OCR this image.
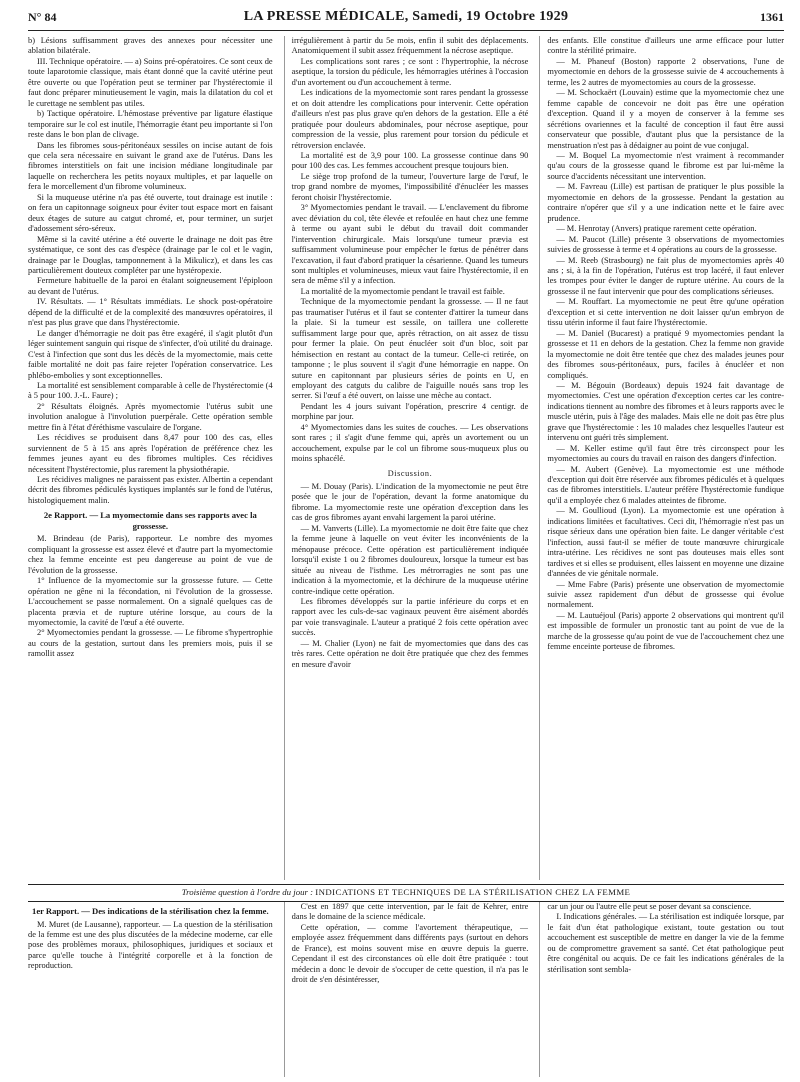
N° 84	LA PRESSE MÉDICALE, Samedi, 19 Octobre 1929	1361

b) Lésions suffisamment graves des annexes pour nécessiter une ablation bilatérale.

III. Technique opératoire. — a) Soins pré-opératoires. Ce sont ceux de toute laparotomie classique, mais étant donné que la cavité utérine peut être ouverte ou que l'opération peut se terminer par l'hystérectomie il faut donc préparer minutieusement le vagin, mais la dilatation du col et le curettage ne semblent pas utiles.

b) Tactique opératoire. L'hémostase préventive par ligature élastique temporaire sur le col est inutile, l'hémorragie étant peu importante si l'on reste dans le bon plan de clivage.

Dans les fibromes sous-péritonéaux sessiles on incise autant de fois que cela sera nécessaire en suivant le grand axe de l'utérus. Dans les fibromes interstitiels on fait une incision médiane longitudinale par laquelle on recherchera les petits noyaux multiples, et par laquelle on fera le morcellement d'un fibrome volumineux.

Si la muqueuse utérine n'a pas été ouverte, tout drainage est inutile : on fera un capitonnage soigneux pour éviter tout espace mort en faisant deux étages de suture au catgut chromé, et, pour terminer, un surjet d'adossement séro-séreux.

Même si la cavité utérine a été ouverte le drainage ne doit pas être systématique, ce sont des cas d'espèce (drainage par le col et le vagin, drainage par le Douglas, tamponnement à la Mikulicz), et dans les cas particulièrement douteux compléter par une hystéropexie.

Fermeture habituelle de la paroi en étalant soigneusement l'épiploon au devant de l'utérus.

IV. Résultats. — 1° Résultats immédiats. Le shock post-opératoire dépend de la difficulté et de la complexité des manœuvres opératoires, il n'est pas plus grave que dans l'hystérectomie.

Le danger d'hémorragie ne doit pas être exagéré, il s'agit plutôt d'un léger suintement sanguin qui risque de s'infecter, d'où utilité du drainage. C'est à l'infection que sont dus les décès de la myomectomie, mais cette faible mortalité ne doit pas faire rejeter l'opération conservatrice. Les phlébo-embolies y sont exceptionnelles.

La mortalité est sensiblement comparable à celle de l'hystérectomie (4 à 5 pour 100. J.-L. Faure) ;

2° Résultats éloignés. Après myomectomie l'utérus subit une involution analogue à l'involution puerpérale. Cette opération semble mettre fin à l'état d'éréthisme vasculaire de l'organe.

Les récidives se produisent dans 8,47 pour 100 des cas, elles surviennent de 5 à 15 ans après l'opération de préférence chez les femmes jeunes ayant eu des fibromes multiples. Ces récidives nécessitent l'hystérectomie, plus rarement la physiothérapie.

Les récidives malignes ne paraissent pas exister. Albertin a cependant décrit des fibromes pédiculés kystiques implantés sur le fond de l'utérus, histologiquement malin.

2e Rapport. — La myomectomie dans ses rapports avec la grossesse.

M. Brindeau (de Paris), rapporteur. Le nombre des myomes compliquant la grossesse est assez élevé et d'autre part la myomectomie chez la femme enceinte est peu dangereuse au point de vue de l'évolution de la grossesse.

1° Influence de la myomectomie sur la grossesse future. — Cette opération ne gêne ni la fécondation, ni l'évolution de la grossesse. L'accouchement se passe normalement. On a signalé quelques cas de placenta prævia et de rupture utérine lorsque, au cours de la myomectomie, la cavité de l'œuf a été ouverte.

2° Myomectomies pendant la grossesse. — Le fibrome s'hypertrophie au cours de la gestation, surtout dans les premiers mois, puis il se ramollit assez

irrégulièrement à partir du 5e mois, enfin il subit des déplacements. Anatomiquement il subit assez fréquemment la nécrose aseptique.

Les complications sont rares ; ce sont : l'hypertrophie, la nécrose aseptique, la torsion du pédicule, les hémorragies utérines à l'occasion d'un avortement ou d'un accouchement à terme.

Les indications de la myomectomie sont rares pendant la grossesse et on doit attendre les complications pour intervenir. Cette opération d'ailleurs n'est pas plus grave qu'en dehors de la gestation. Elle a été pratiquée pour douleurs abdominales, pour nécrose aseptique, pour compression de la vessie, plus rarement pour torsion du pédicule et rétroversion enclavée.

La mortalité est de 3,9 pour 100. La grossesse continue dans 90 pour 100 des cas. Les femmes accouchent presque toujours bien.

Le siège trop profond de la tumeur, l'ouverture large de l'œuf, le trop grand nombre de myomes, l'impossibilité d'énucléer les masses feront choisir l'hystérectomie.

3° Myomectomies pendant le travail. — L'enclavement du fibrome avec déviation du col, tête élevée et refoulée en haut chez une femme à terme ou ayant subi le début du travail doit commander l'intervention chirurgicale. Mais lorsqu'une tumeur prævia est suffisamment volumineuse pour empêcher le fœtus de pénétrer dans l'excavation, il faut d'abord pratiquer la césarienne. Quand les tumeurs sont multiples et volumineuses, mieux vaut faire l'hystérectomie, il en sera de même s'il y a infection.

La mortalité de la myomectomie pendant le travail est faible.

Technique de la myomectomie pendant la grossesse. — Il ne faut pas traumatiser l'utérus et il faut se contenter d'attirer la tumeur dans la plaie. Si la tumeur est sessile, on taillera une collerette suffisamment large pour que, après rétraction, on ait assez de tissu pour fermer la plaie. On peut énucléer soit d'un bloc, soit par hémisection en restant au contact de la tumeur. Celle-ci retirée, on tamponne ; le plus souvent il s'agit d'une hémorragie en nappe. On suture en capitonnant par plusieurs séries de points en U, en employant des catguts du calibre de l'aiguille noués sans trop les serrer. Si l'œuf a été ouvert, on laisse une mèche au contact.

Pendant les 4 jours suivant l'opération, prescrire 4 centigr. de morphine par jour.

4° Myomectomies dans les suites de couches. — Les observations sont rares ; il s'agit d'une femme qui, après un avortement ou un accouchement, expulse par le col un fibrome sous-muqueux plus ou moins sphacélé.

Discussion.

— M. Douay (Paris). L'indication de la myomectomie ne peut être posée que le jour de l'opération, devant la forme anatomique du fibrome. La myomectomie reste une opération d'exception dans les cas de gros fibromes ayant envahi largement la paroi utérine.

— M. Vanverts (Lille). La myomectomie ne doit être faite que chez la femme jeune à laquelle on veut éviter les inconvénients de la ménopause précoce. Cette opération est particulièrement indiquée lorsqu'il existe 1 ou 2 fibromes douloureux, lorsque la tumeur est bas située au niveau de l'isthme. Les métrorragies ne sont pas une indication à la myomectomie, et la déchirure de la muqueuse utérine contre-indique cette opération.

Les fibromes développés sur la partie inférieure du corps et en rapport avec les culs-de-sac vaginaux peuvent être aisément abordés par voie transvaginale. L'auteur a pratiqué 2 fois cette opération avec succès.

— M. Chalier (Lyon) ne fait de myomectomies que dans des cas très rares. Cette opération ne doit être pratiquée que chez des femmes en mesure d'avoir

des enfants. Elle constitue d'ailleurs une arme efficace pour lutter contre la stérilité primaire.

— M. Phaneuf (Boston) rapporte 2 observations, l'une de myomectomie en dehors de la grossesse suivie de 4 accouchements à terme, les 2 autres de myomectomies au cours de la grossesse.

— M. Schockaërt (Louvain) estime que la myomectomie chez une femme capable de concevoir ne doit pas être une opération d'exception. Quand il y a moyen de conserver à la femme ses sécrétions ovariennes et la faculté de conception il faut être aussi conservateur que possible, d'autant plus que la persistance de la menstruation n'est pas à dédaigner au point de vue conjugal.

— M. Boquel La myomectomie n'est vraiment à recommander qu'au cours de la grossesse quand le fibrome est par lui-même la source d'accidents nécessitant une intervention.

— M. Favreau (Lille) est partisan de pratiquer le plus possible la myomectomie en dehors de la grossesse. Pendant la gestation au contraire n'opérer que s'il y a une indication nette et le faire avec prudence.

— M. Henrotay (Anvers) pratique rarement cette opération.

— M. Paucot (Lille) présente 3 observations de myomectomies suivies de grossesse à terme et 4 opérations au cours de la grossesse.

— M. Reeb (Strasbourg) ne fait plus de myomectomies après 40 ans ; si, à la fin de l'opération, l'utérus est trop lacéré, il faut enlever les trompes pour éviter le danger de rupture utérine. Au cours de la grossesse il ne faut intervenir que pour des complications sérieuses.

— M. Rouffart. La myomectomie ne peut être qu'une opération d'exception et si cette intervention ne doit laisser qu'un embryon de tissu utérin informe il faut faire l'hystérectomie.

— M. Daniel (Bucarest) a pratiqué 9 myomectomies pendant la grossesse et 11 en dehors de la gestation. Chez la femme non gravide la myomectomie ne doit être tentée que chez des malades jeunes pour des fibromes sous-péritonéaux, purs, faciles à énucléer et non compliqués.

— M. Bégouin (Bordeaux) depuis 1924 fait davantage de myomectomies. C'est une opération d'exception certes car les contre-indications tiennent au nombre des fibromes et à leurs rapports avec le muscle utérin, puis à l'âge des malades. Mais elle ne doit pas être plus grave que l'hystérectomie : les 10 malades chez lesquelles l'auteur est intervenu ont guéri très simplement.

— M. Keller estime qu'il faut être très circonspect pour les myomectomies au cours du travail en raison des dangers d'infection.

— M. Aubert (Genève). La myomectomie est une méthode d'exception qui doit être réservée aux fibromes pédiculés et à quelques cas de fibromes interstitiels. L'auteur préfère l'hystérectomie fundique qu'il a employée chez 6 malades atteintes de fibrome.

— M. Goullioud (Lyon). La myomectomie est une opération à indications limitées et facultatives. Ceci dit, l'hémorragie n'est pas un risque sérieux dans une opération bien faite. Le danger véritable c'est l'infection, aussi faut-il se méfier de toute manœuvre chirurgicale intra-utérine. Les récidives ne sont pas douteuses mais elles sont tardives et si elles se produisent, elles laissent en moyenne une dizaine d'années de vie génitale normale.

— Mme Fabre (Paris) présente une observation de myomectomie suivie assez rapidement d'un début de grossesse qui évolue normalement.

— M. Lautuéjoul (Paris) apporte 2 observations qui montrent qu'il est impossible de formuler un pronostic tant au point de vue de la marche de la grossesse qu'au point de vue de l'accouchement chez une femme enceinte porteuse de fibromes.

Troisième question à l'ordre du jour : INDICATIONS ET TECHNIQUES DE LA STÉRILISATION CHEZ LA FEMME
1er Rapport. — Des indications de la stérilisation chez la femme.

M. Muret (de Lausanne), rapporteur. — La question de la stérilisation de la femme est une des plus discutées de la médecine moderne, car elle pose des problèmes moraux, philosophiques, juridiques et sociaux et parce qu'elle touche à l'intégrité corporelle et à la fonction de reproduction.

C'est en 1897 que cette intervention, par le fait de Kehrer, entre dans le domaine de la science médicale.

Cette opération, — comme l'avortement thérapeutique, — employée assez fréquemment dans différents pays (surtout en dehors de France), est moins souvent mise en œuvre depuis la guerre. Cependant il est des circonstances où elle doit être pratiquée : tout médecin a donc le devoir de s'occuper de cette question, il n'a pas le droit de s'en désintéresser,

car un jour ou l'autre elle peut se poser devant sa conscience.

I. Indications générales. — La stérilisation est indiquée lorsque, par le fait d'un état pathologique existant, toute gestation ou tout accouchement est susceptible de mettre en danger la vie de la femme ou de compromettre gravement sa santé. Cet état pathologique peut être congénital ou acquis. De ce fait les indications générales de la stérilisation sont sembla-
